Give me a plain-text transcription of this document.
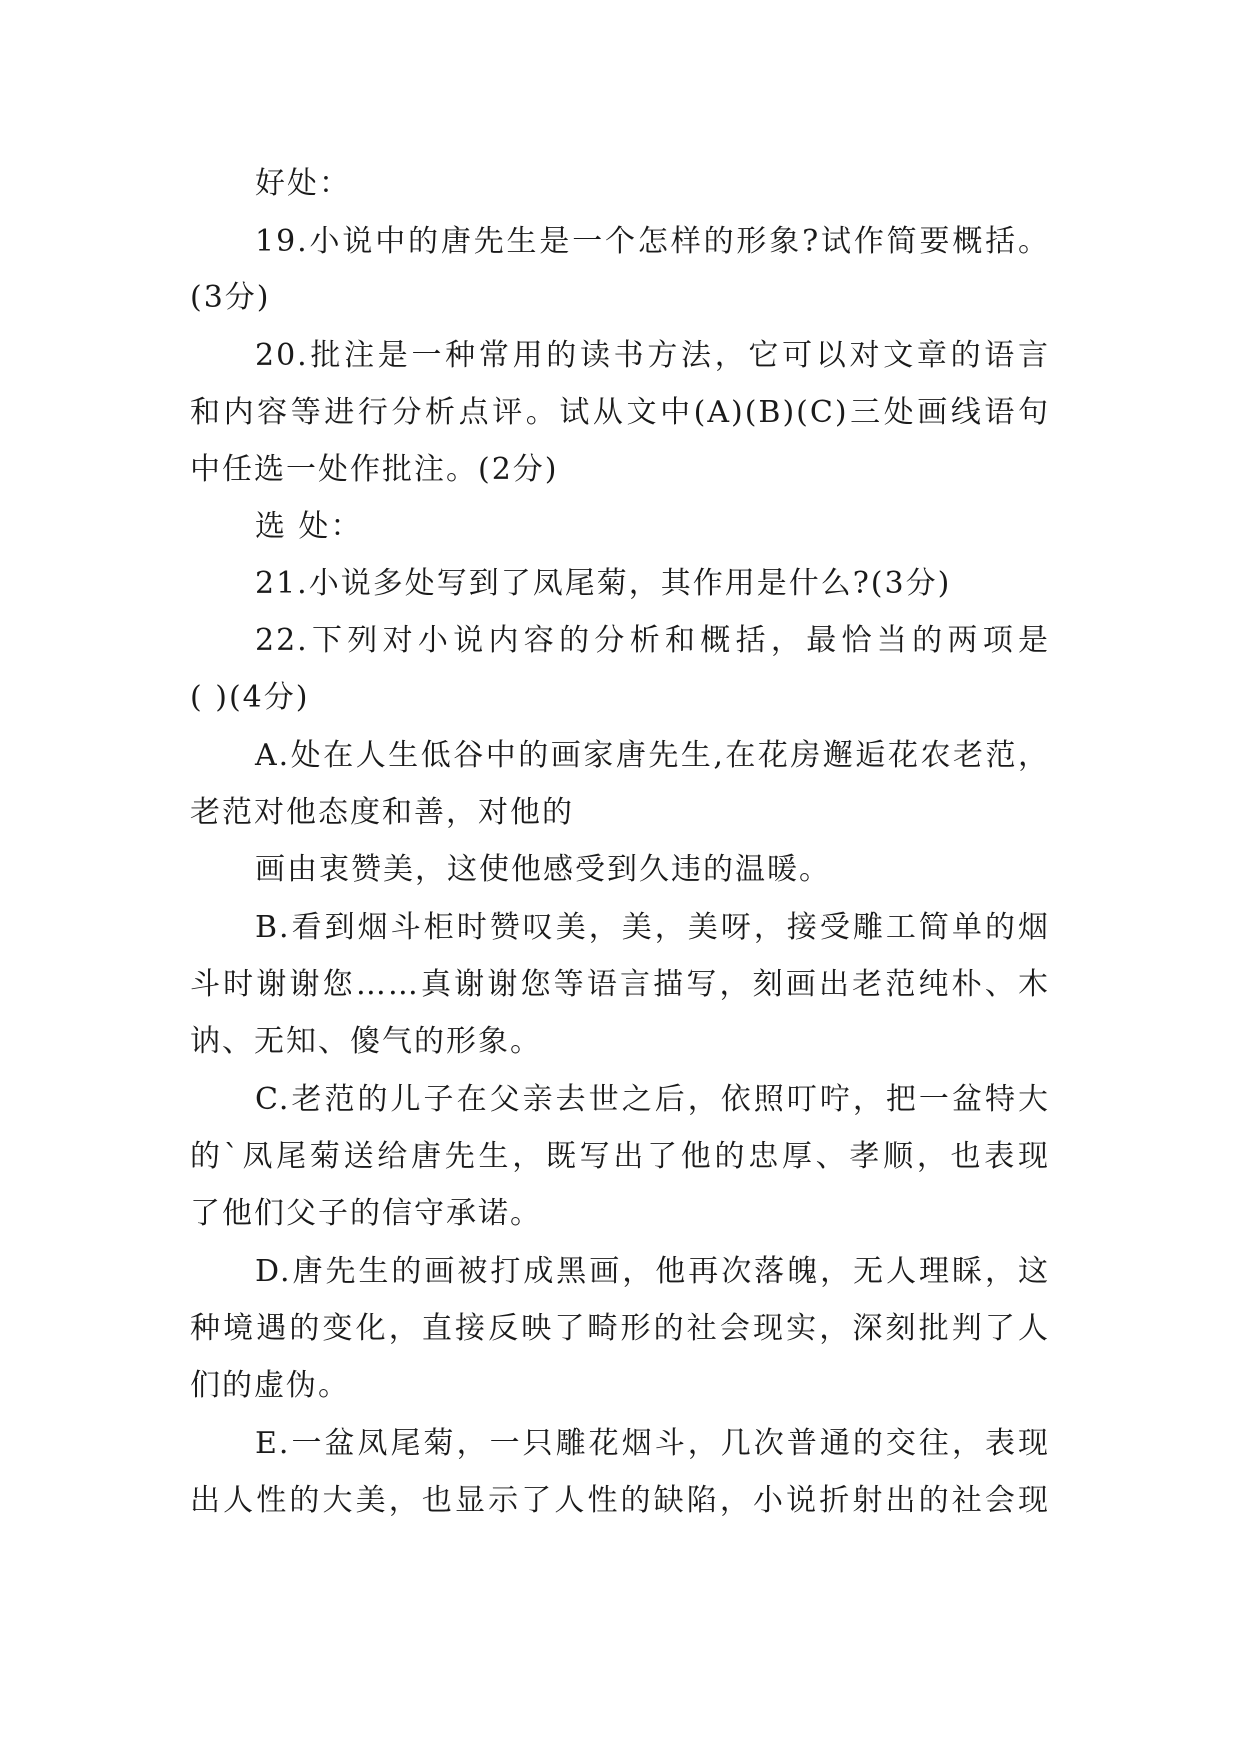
好处：
19.小说中的唐先生是一个怎样的形象?试作简要概括。
(3分)
20.批注是一种常用的读书方法，它可以对文章的语言
和内容等进行分析点评。试从文中(A)(B)(C)三处画线语句
中任选一处作批注。(2分)
选 处：
21.小说多处写到了凤尾菊，其作用是什么?(3分)
22.下列对小说内容的分析和概括，最恰当的两项是
( )(4分)
A.处在人生低谷中的画家唐先生,在花房邂逅花农老范，
老范对他态度和善，对他的
画由衷赞美，这使他感受到久违的温暖。
B.看到烟斗柜时赞叹美，美，美呀，接受雕工简单的烟
斗时谢谢您……真谢谢您等语言描写，刻画出老范纯朴、木
讷、无知、傻气的形象。
C.老范的儿子在父亲去世之后，依照叮咛，把一盆特大
的`凤尾菊送给唐先生，既写出了他的忠厚、孝顺，也表现
了他们父子的信守承诺。
D.唐先生的画被打成黑画，他再次落魄，无人理睬，这
种境遇的变化，直接反映了畸形的社会现实，深刻批判了人
们的虚伪。
E.一盆凤尾菊，一只雕花烟斗，几次普通的交往，表现
出人性的大美，也显示了人性的缺陷，小说折射出的社会现
